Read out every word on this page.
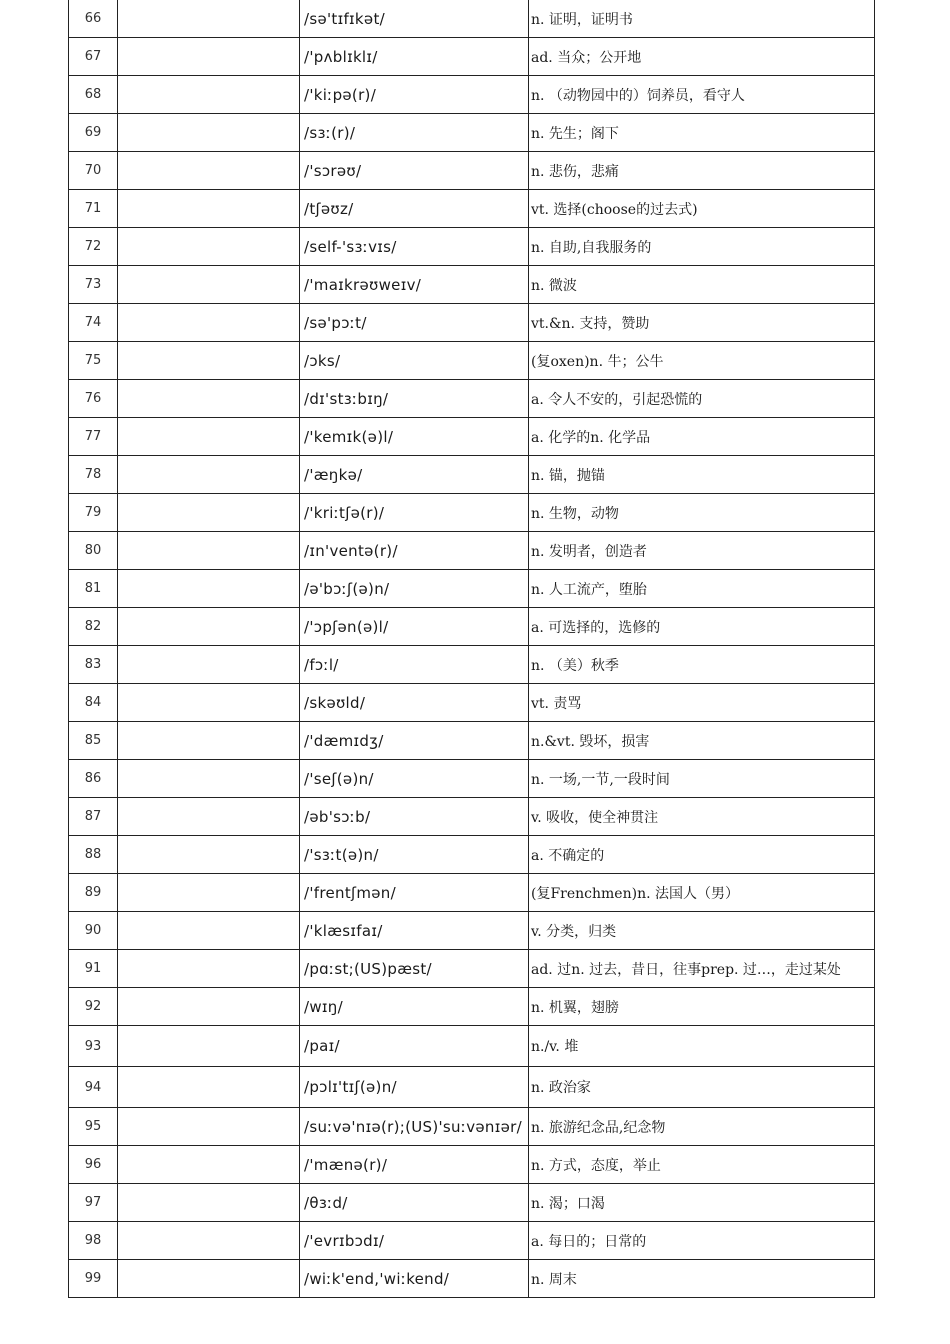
66		/sə'tɪfɪkət/	n. 证明，证明书
67		/'pʌblɪklɪ/	ad. 当众；公开地
68		/'kiːpə(r)/	n. （动物园中的）饲养员，看守人
69		/sɜː(r)/	n. 先生；阁下
70		/'sɔrəʊ/	n. 悲伤，悲痛
71		/tʃəʊz/	vt. 选择(choose的过去式)
72		/self-'sɜːvɪs/	n. 自助,自我服务的
73		/'maɪkrəʊweɪv/	n. 微波
74		/sə'pɔːt/	vt.&n. 支持，赞助
75		/ɔks/	(复oxen)n. 牛；公牛
76		/dɪ'stɜːbɪŋ/	a. 令人不安的，引起恐慌的
77		/'kemɪk(ə)l/	a. 化学的n. 化学品
78		/'æŋkə/	n. 锚，抛锚
79		/'kriːtʃə(r)/	n. 生物，动物
80		/ɪn'ventə(r)/	n. 发明者，创造者
81		/ə'bɔːʃ(ə)n/	n. 人工流产，堕胎
82		/'ɔpʃən(ə)l/	a. 可选择的，选修的
83		/fɔːl/	n. （美）秋季
84		/skəʊld/	vt. 责骂
85		/'dæmɪdʒ/	n.&vt. 毁坏，损害
86		/'seʃ(ə)n/	n. 一场,一节,一段时间
87		/əb'sɔːb/	v. 吸收，使全神贯注
88		/'sɜːt(ə)n/	a. 不确定的
89		/'frentʃmən/	(复Frenchmen)n. 法国人（男）
90		/'klæsɪfaɪ/	v. 分类，归类
91		/pɑːst;(US)pæst/	ad. 过n. 过去，昔日，往事prep. 过…，走过某处
92		/wɪŋ/	n. 机翼，翅膀
93		/paɪ/	n./v. 堆
94		/pɔlɪ'tɪʃ(ə)n/	n. 政治家
95		/suːvə'nɪə(r);(US)'suːvənɪər/	n. 旅游纪念品,纪念物
96		/'mænə(r)/	n. 方式，态度，举止
97		/θɜːd/	n. 渴；口渴
98		/'evrɪbɔdɪ/	a. 每日的；日常的
99		/wiːk'end,'wiːkend/	n. 周末
